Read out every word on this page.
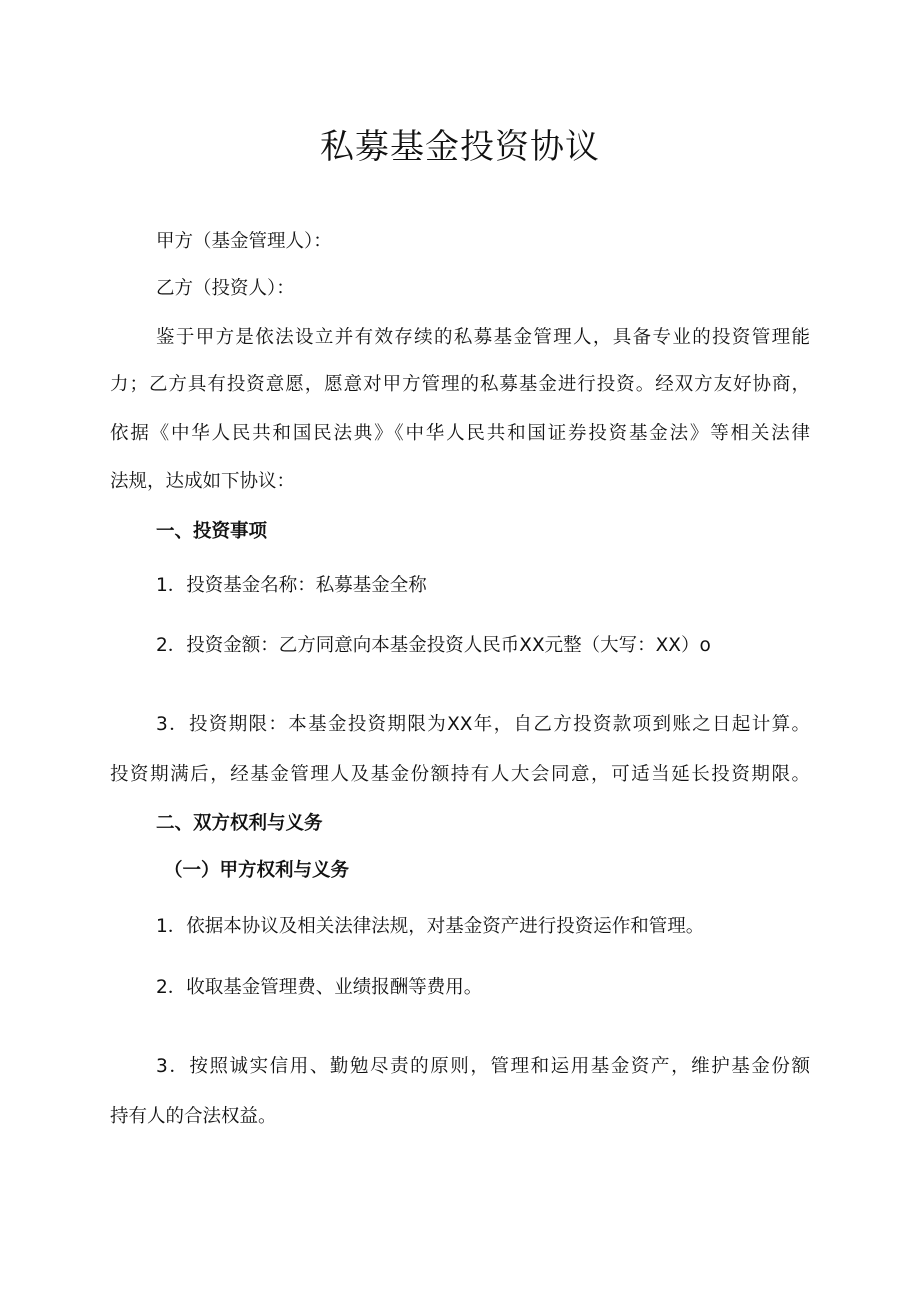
私募基金投资协议
甲方（基金管理人）：
乙方（投资人）：
鉴于甲方是依法设立并有效存续的私募基金管理人，具备专业的投资管理能
力；乙方具有投资意愿，愿意对甲方管理的私募基金进行投资。经双方友好协商，
依据《中华人民共和国民法典》《中华人民共和国证券投资基金法》等相关法律
法规，达成如下协议：
一、投资事项
1．投资基金名称：私募基金全称
2．投资金额：乙方同意向本基金投资人民币XX元整（大写：XX）o
3．投资期限：本基金投资期限为XX年，自乙方投资款项到账之日起计算。
投资期满后，经基金管理人及基金份额持有人大会同意，可适当延长投资期限。
二、双方权利与义务
（一）甲方权利与义务
1．依据本协议及相关法律法规，对基金资产进行投资运作和管理。
2．收取基金管理费、业绩报酬等费用。
3．按照诚实信用、勤勉尽责的原则，管理和运用基金资产，维护基金份额
持有人的合法权益。
